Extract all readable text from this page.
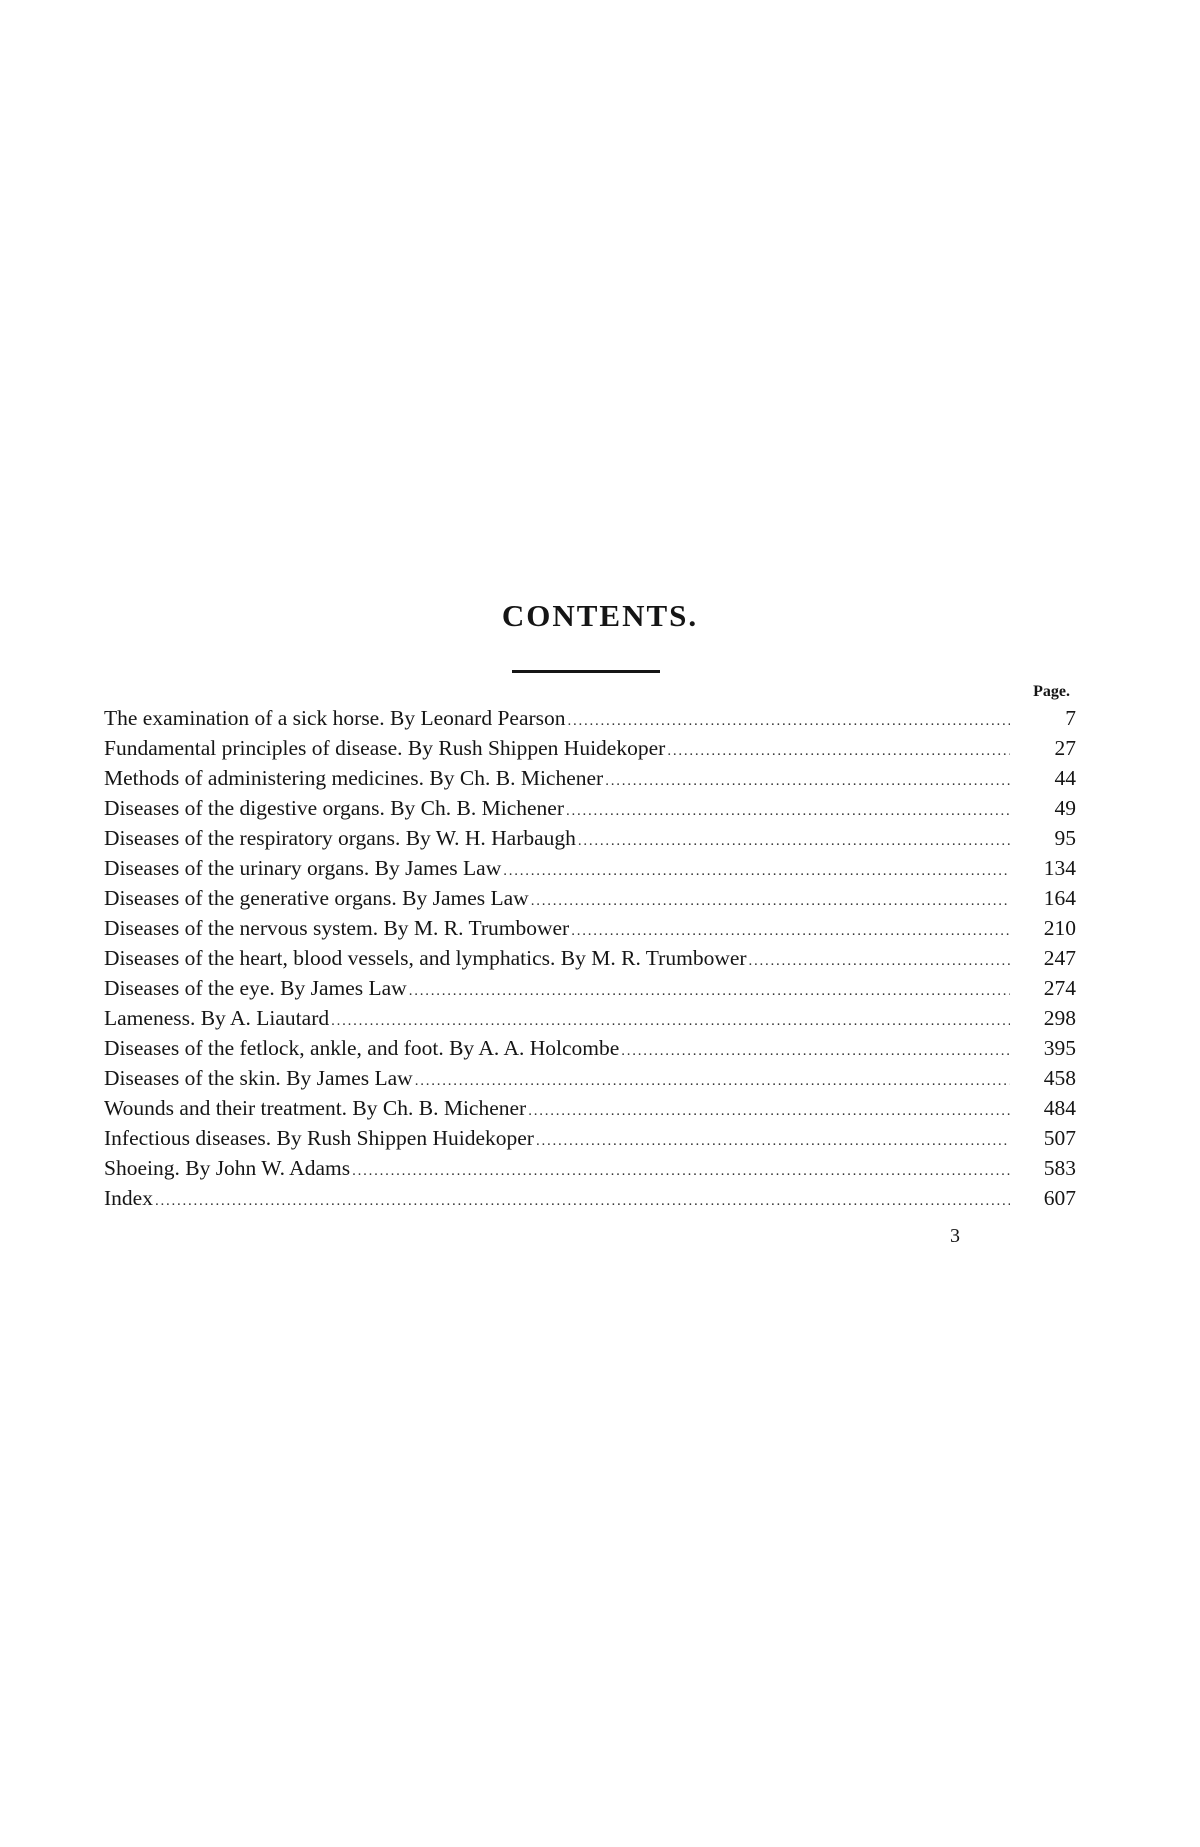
CONTENTS.
Page.
The examination of a sick horse. By Leonard Pearson . . .	7
Fundamental principles of disease. By Rush Shippen Huidekoper . . .	27
Methods of administering medicines. By Ch. B. Michener . . .	44
Diseases of the digestive organs. By Ch. B. Michener . . .	49
Diseases of the respiratory organs. By W. H. Harbaugh . . .	95
Diseases of the urinary organs. By James Law . . .	134
Diseases of the generative organs. By James Law . . .	164
Diseases of the nervous system. By M. R. Trumbower . . .	210
Diseases of the heart, blood vessels, and lymphatics. By M. R. Trumbower . . .	247
Diseases of the eye. By James Law . . .	274
Lameness. By A. Liautard . . .	298
Diseases of the fetlock, ankle, and foot. By A. A. Holcombe . . .	395
Diseases of the skin. By James Law . . .	458
Wounds and their treatment. By Ch. B. Michener . . .	484
Infectious diseases. By Rush Shippen Huidekoper . . .	507
Shoeing. By John W. Adams . . .	583
Index . . .	607
3
